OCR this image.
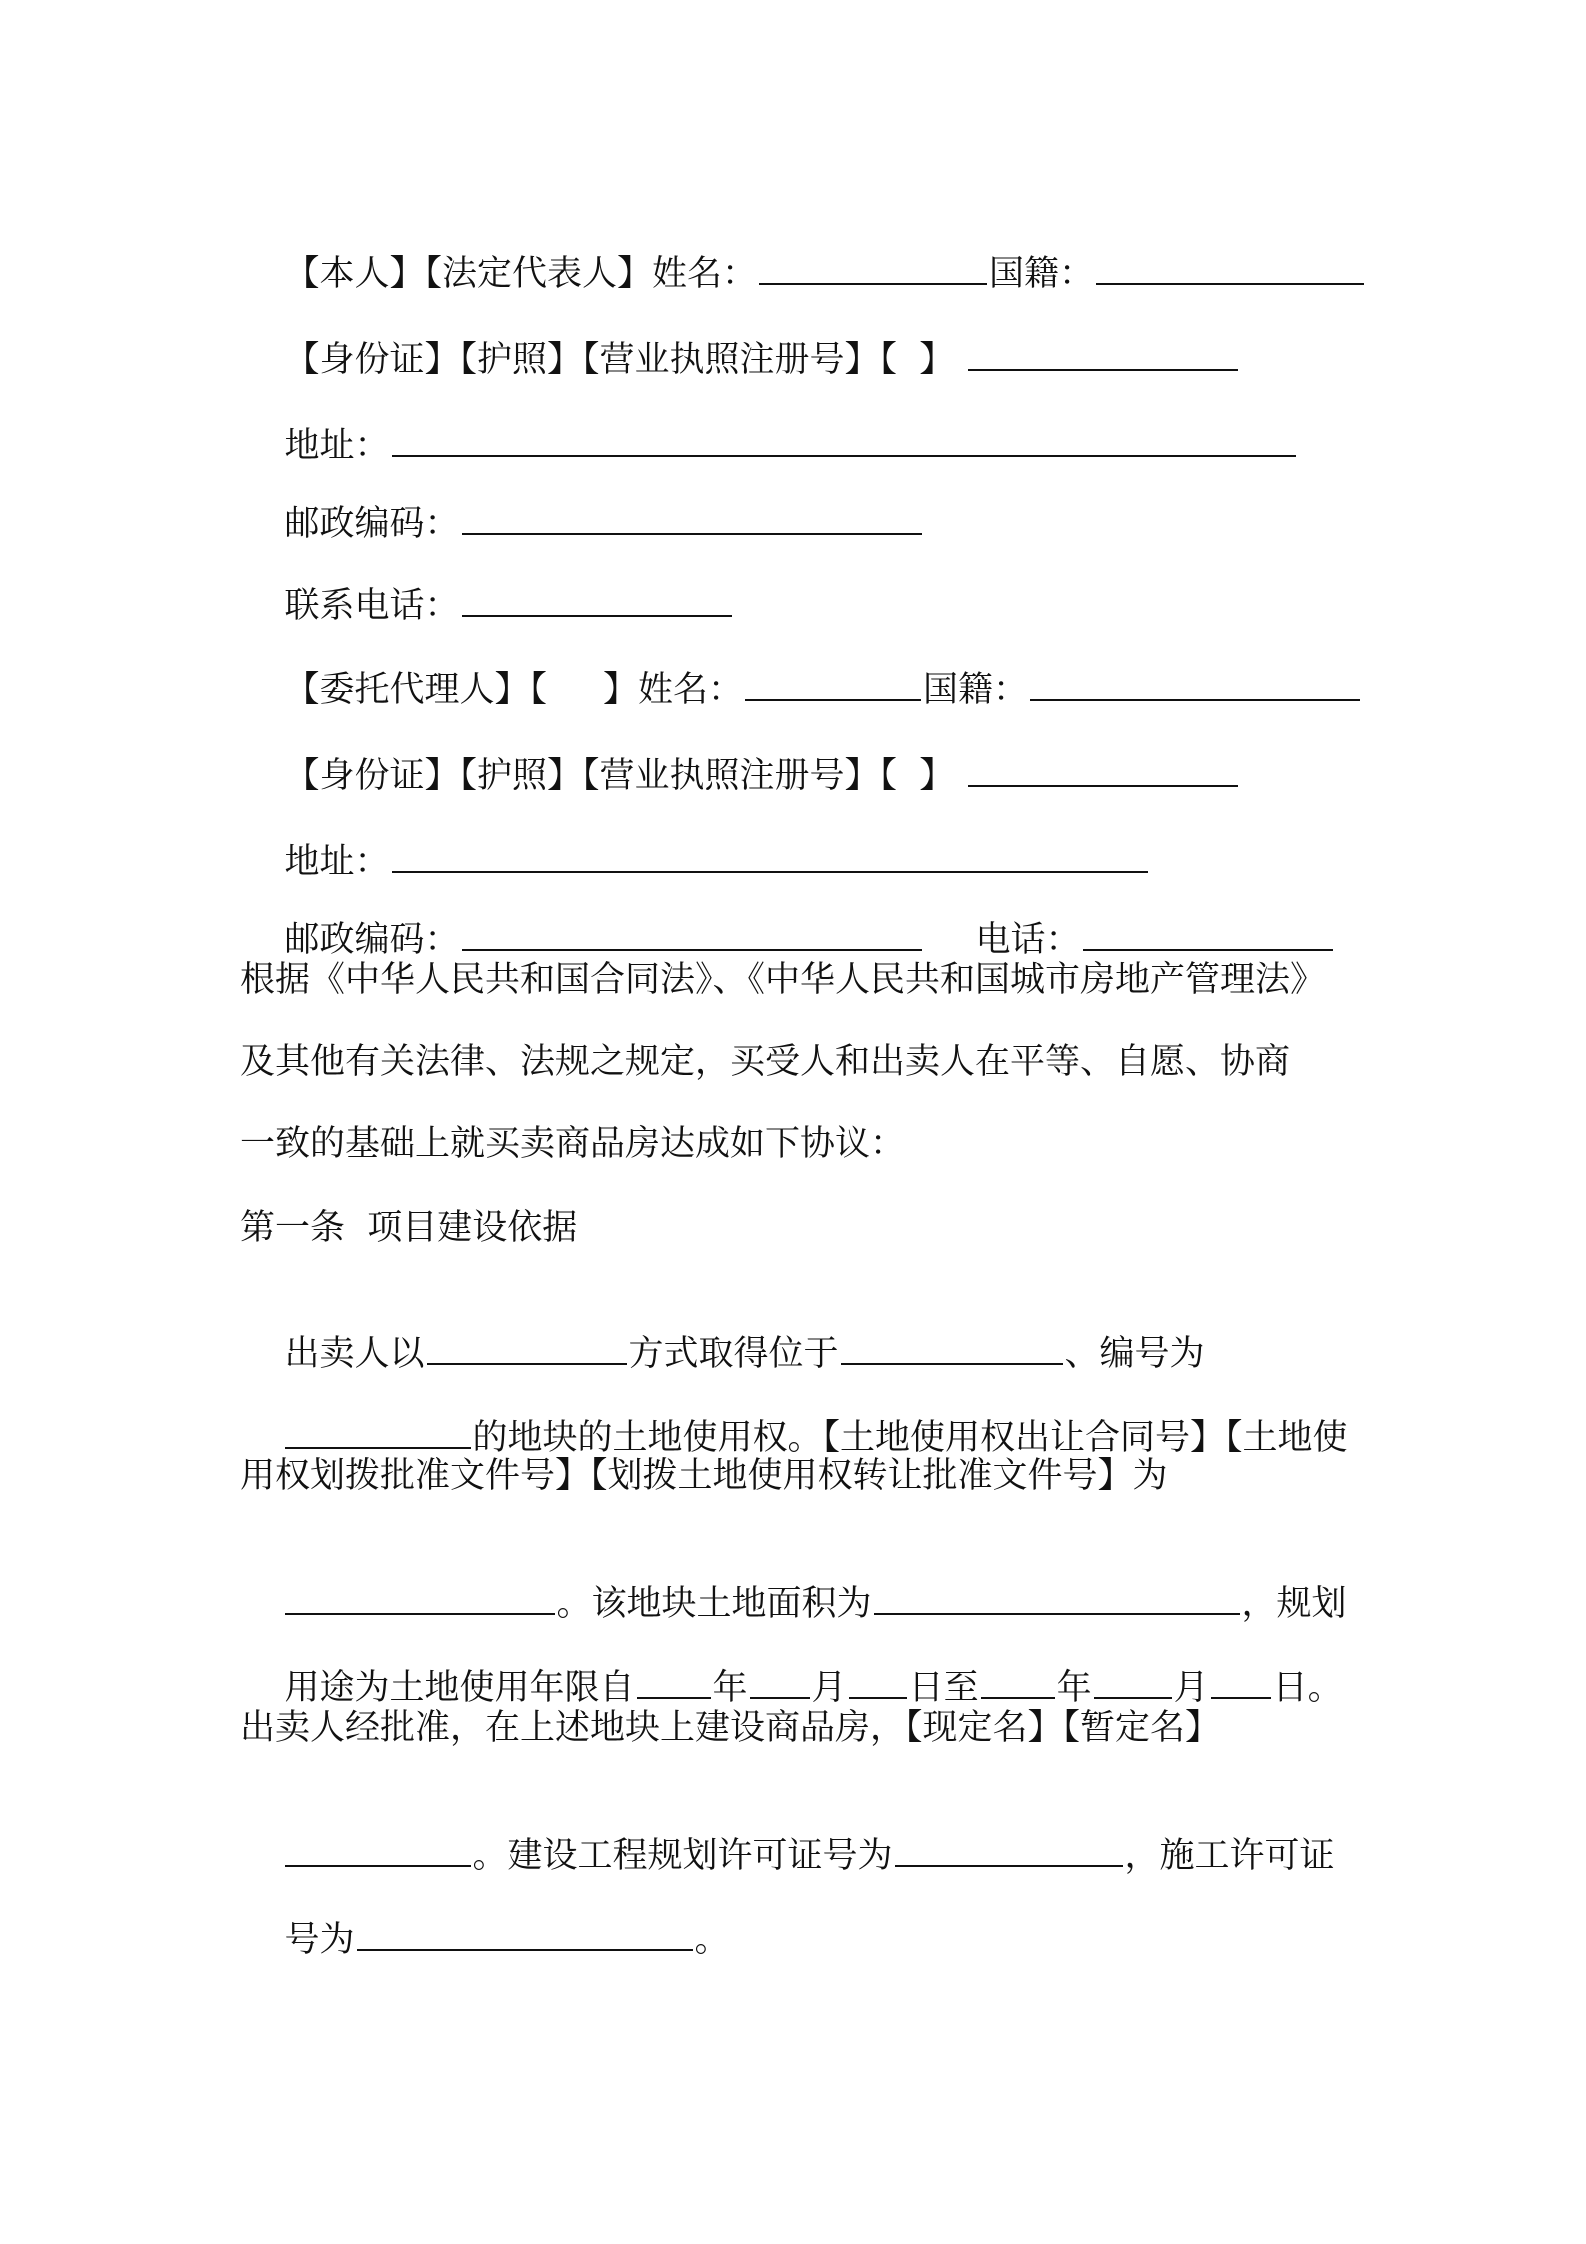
【本人】【法定代表人】姓名：	国籍：

【身份证】【护照】【营业执照注册号】【  】

地址：

邮政编码：

联系电话：

【委托代理人】【 】姓名：	国籍：

【身份证】【护照】【营业执照注册号】【  】

地址：

邮政编码：	电话：

根据《中华人民共和国合同法》、《中华人民共和国城市房地产管理法》
及其他有关法律、法规之规定，买受人和出卖人在平等、自愿、协商
一致的基础上就买卖商品房达成如下协议：
第一条  项目建设依据

出卖人以	方式取得位于	、编号为

的地块的土地使用权。【土地使用权出让合同号】【土地使

用权划拨批准文件号】【划拨土地使用权转让批准文件号】为

。该地块土地面积为	，规划

用途为土地使用年限自 年 月 日至 年 月 日。

出卖人经批准，在上述地块上建设商品房，【现定名】【暂定名】

。建设工程规划许可证号为	，施工许可证

号为	。
